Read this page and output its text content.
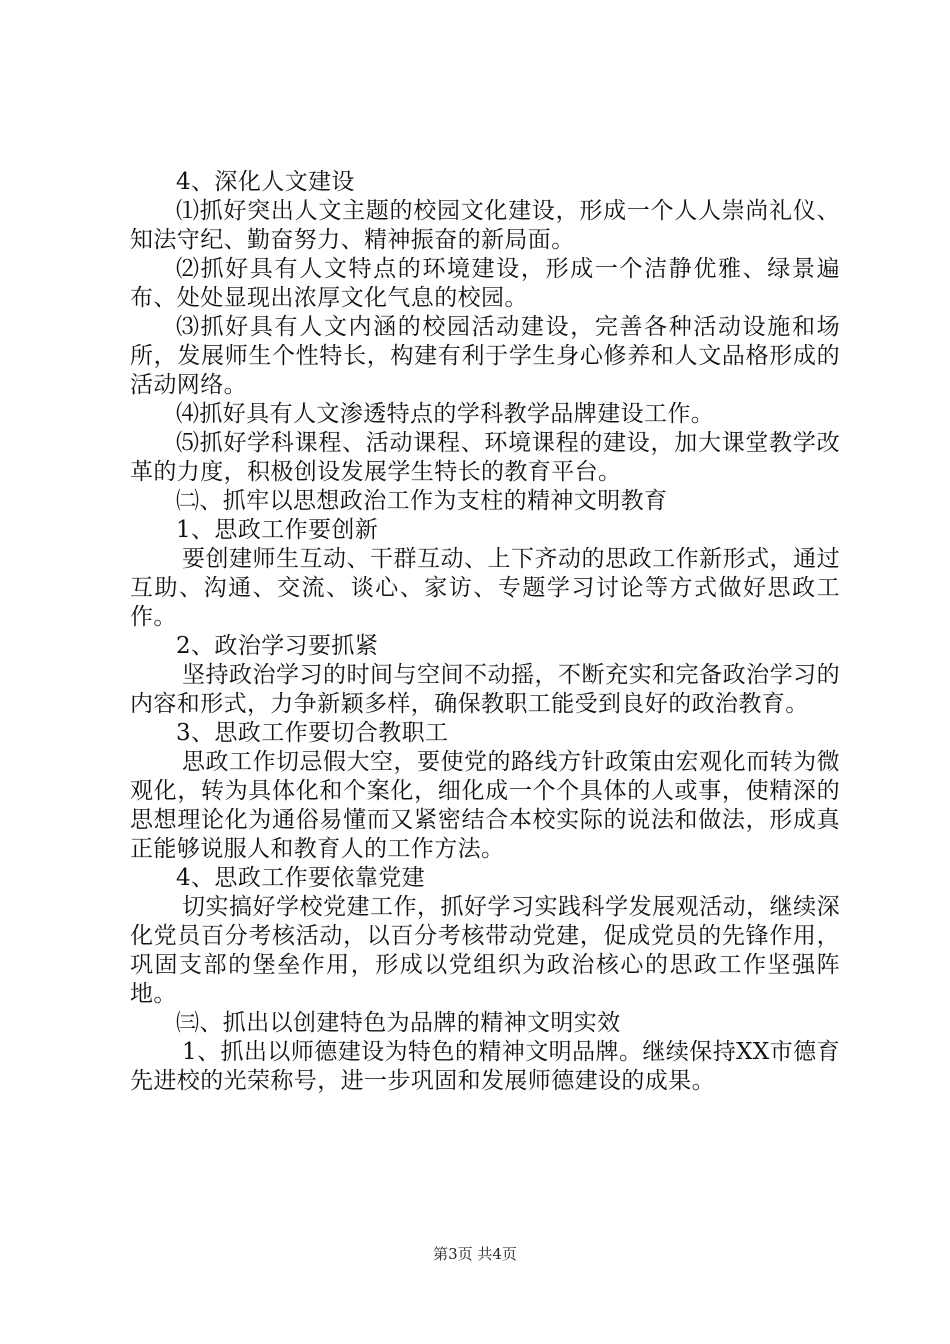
4、深化人文建设

⑴抓好突出人文主题的校园文化建设，形成一个人人崇尚礼仪、知法守纪、勤奋努力、精神振奋的新局面。

⑵抓好具有人文特点的环境建设，形成一个洁静优雅、绿景遍布、处处显现出浓厚文化气息的校园。

⑶抓好具有人文内涵的校园活动建设，完善各种活动设施和场所，发展师生个性特长，构建有利于学生身心修养和人文品格形成的活动网络。

⑷抓好具有人文渗透特点的学科教学品牌建设工作。

⑸抓好学科课程、活动课程、环境课程的建设，加大课堂教学改革的力度，积极创设发展学生特长的教育平台。

㈡、抓牢以思想政治工作为支柱的精神文明教育

1、思政工作要创新

要创建师生互动、干群互动、上下齐动的思政工作新形式，通过互助、沟通、交流、谈心、家访、专题学习讨论等方式做好思政工作。

2、政治学习要抓紧

坚持政治学习的时间与空间不动摇，不断充实和完备政治学习的内容和形式，力争新颖多样，确保教职工能受到良好的政治教育。

3、思政工作要切合教职工

思政工作切忌假大空，要使党的路线方针政策由宏观化而转为微观化，转为具体化和个案化，细化成一个个具体的人或事，使精深的思想理论化为通俗易懂而又紧密结合本校实际的说法和做法，形成真正能够说服人和教育人的工作方法。

4、思政工作要依靠党建

切实搞好学校党建工作，抓好学习实践科学发展观活动，继续深化党员百分考核活动，以百分考核带动党建，促成党员的先锋作用，巩固支部的堡垒作用，形成以党组织为政治核心的思政工作坚强阵地。

㈢、抓出以创建特色为品牌的精神文明实效

1、抓出以师德建设为特色的精神文明品牌。继续保持XX市德育先进校的光荣称号，进一步巩固和发展师德建设的成果。

第3页 共4页
